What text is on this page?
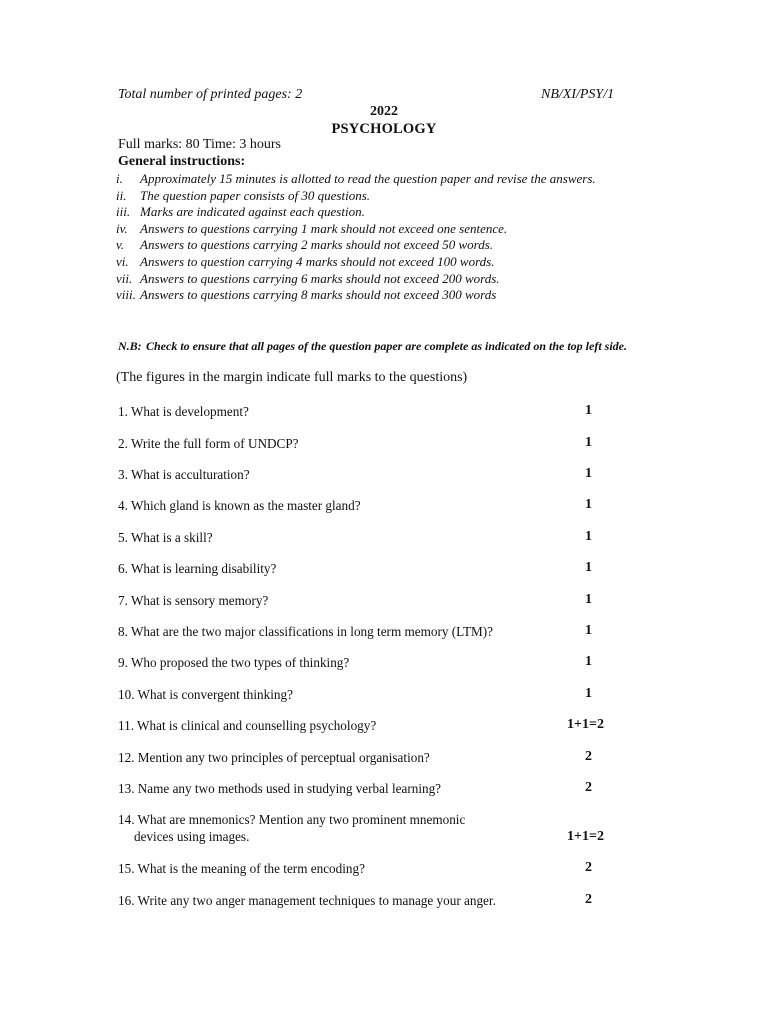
Total number of printed pages: 2	NB/XI/PSY/1
2022
PSYCHOLOGY
Full marks: 80 Time: 3 hours
General instructions:
i. Approximately 15 minutes is allotted to read the question paper and revise the answers.
ii. The question paper consists of 30 questions.
iii. Marks are indicated against each question.
iv. Answers to questions carrying 1 mark should not exceed one sentence.
v. Answers to questions carrying 2 marks should not exceed 50 words.
vi. Answers to question carrying 4 marks should not exceed 100 words.
vii. Answers to questions carrying 6 marks should not exceed 200 words.
viii. Answers to questions carrying 8 marks should not exceed 300 words
N.B: Check to ensure that all pages of the question paper are complete as indicated on the top left side.
(The figures in the margin indicate full marks to the questions)
1. What is development?	1
2. Write the full form of UNDCP?	1
3. What is acculturation?	1
4. Which gland is known as the master gland?	1
5. What is a skill?	1
6. What is learning disability?	1
7. What is sensory memory?	1
8. What are the two major classifications in long term memory (LTM)?	1
9. Who proposed the two types of thinking?	1
10. What is convergent thinking?	1
11. What is clinical and counselling psychology?	1+1=2
12. Mention any two principles of perceptual organisation?	2
13. Name any two methods used in studying verbal learning?	2
14. What are mnemonics? Mention any two prominent mnemonic
devices using images.	1+1=2
15. What is the meaning of the term encoding?	2
16. Write any two anger management techniques to manage your anger.	2
